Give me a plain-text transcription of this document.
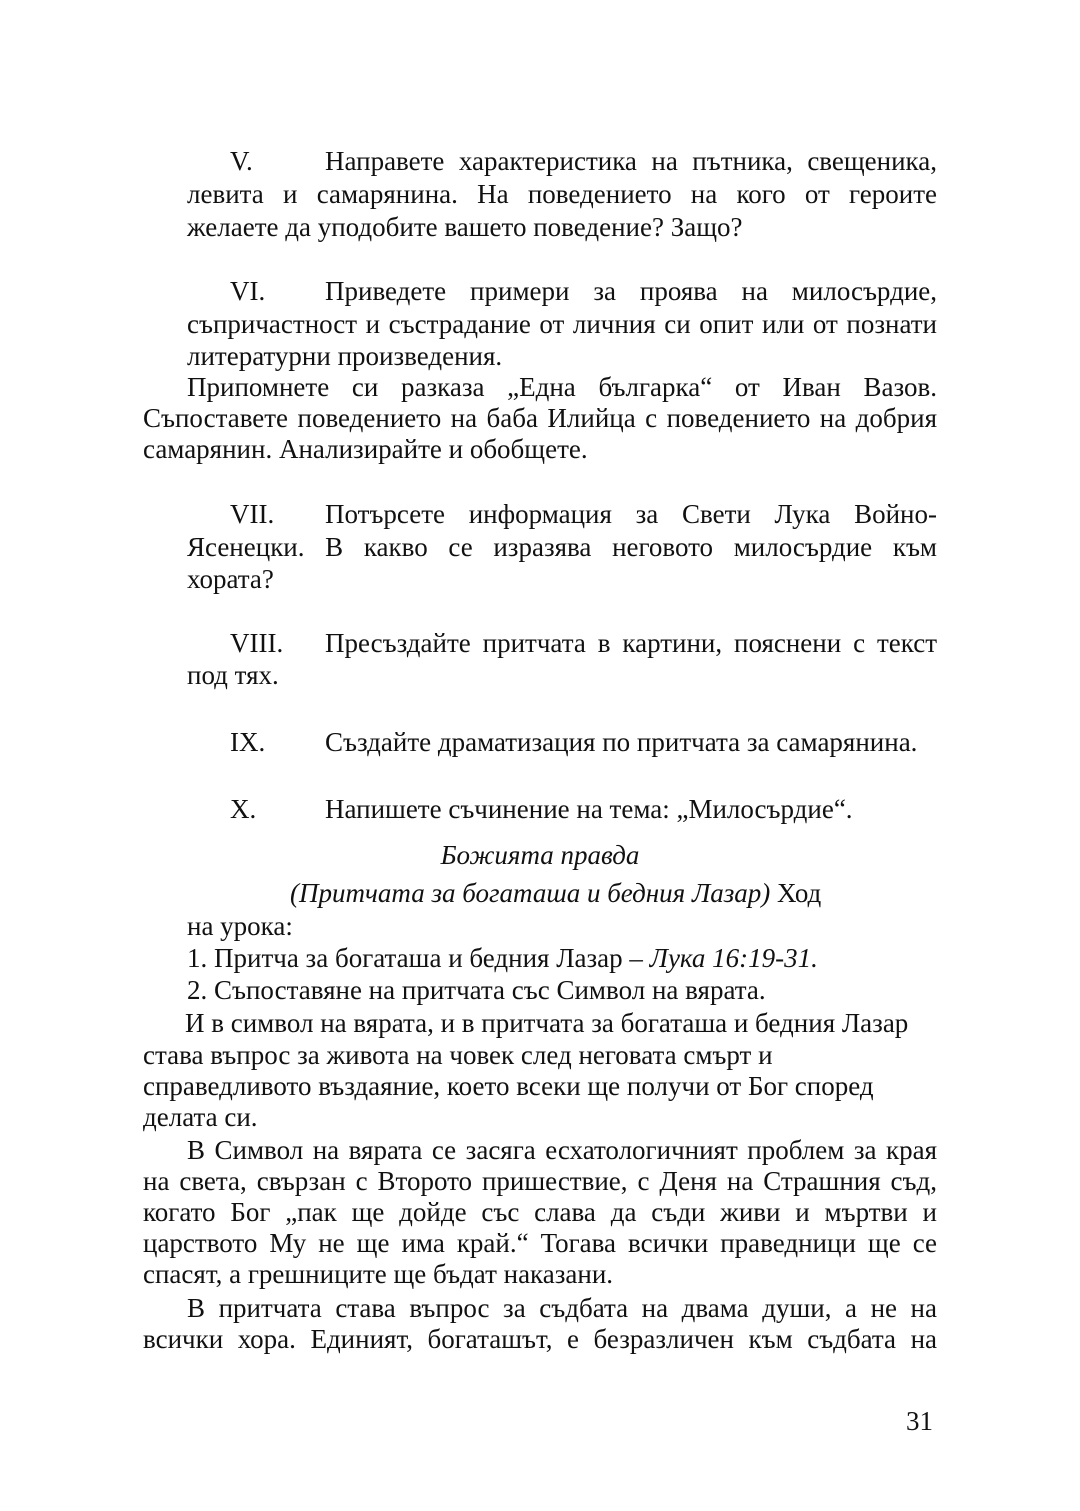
V.	Направете характеристика на пътника, свещеника,
левита и самарянина. На поведението на кого от героите
желаете да уподобите вашето поведение? Защо?
VI. Приведете примери за проява на милосърдие,
съпричастност и състрадание от личния си опит или от познати
литературни произведения.
Припомнете си разказа „Една българка“ от Иван Вазов.
Съпоставете поведението на баба Илийца с поведението на добрия
самарянин. Анализирайте и обобщете.
VII. Потърсете информация за Свети Лука Войно-
Ясенецки. В какво се изразява неговото милосърдие към
хората?
VIII. Пресъздайте притчата в картини, пояснени с текст
под тях.
IX. Създайте драматизация по притчата за самарянина.
X.	Напишете съчинение на тема: „Милосърдие“.
Божията правда
(Притчата за богаташа и бедния Лазар) Ход
на урока:
1. Притча за богаташа и бедния Лазар – Лука 16:19-31.
2. Съпоставяне на притчата със Символ на вярата.
И в символ на вярата, и в притчата за богаташа и бедния Лазар
става въпрос за живота на човек след неговата смърт и
справедливото въздаяние, което всеки ще получи от Бог според
делата си.
В Символ на вярата се засяга есхатологичният проблем за края
на света, свързан с Второто пришествие, с Деня на Страшния съд,
когато Бог „пак ще дойде със слава да съди живи и мъртви и
царството Му не ще има край.“ Тогава всички праведници ще се
спасят, а грешниците ще бъдат наказани.
В притчата става въпрос за съдбата на двама души, а не на
всички хора. Единият, богаташът, е безразличен към съдбата на
31
